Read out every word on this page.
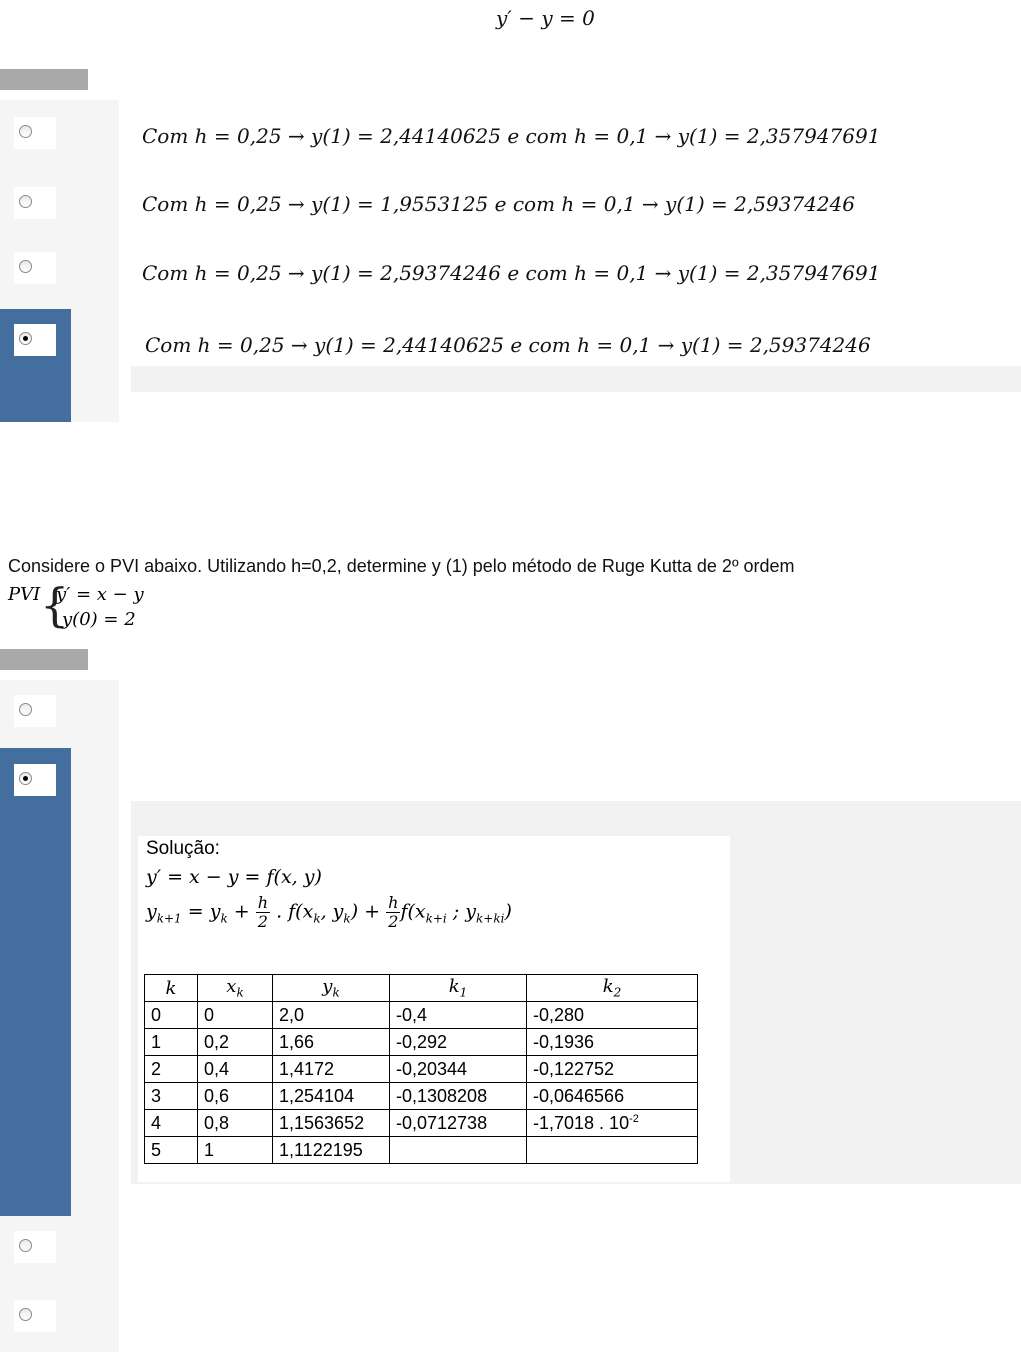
y′ − y = 0
Com h = 0,25 → y(1) = 2,44140625 e com h = 0,1 → y(1) = 2,357947691
Com h = 0,25 → y(1) = 1,9553125 e com h = 0,1 → y(1) = 2,59374246
Com h = 0,25 → y(1) = 2,59374246 e com h = 0,1 → y(1) = 2,357947691
Com h = 0,25 → y(1) = 2,44140625 e com h = 0,1 → y(1) = 2,59374246
Considere o PVI abaixo. Utilizando h=0,2, determine y (1) pelo método de Ruge Kutta de 2º ordem
PVI {
y′ = x − y
y(0) = 2
Solução:
y′ = x − y = f(x, y)
$y_{k+1} = y_k + \frac{h}{2}$ . $f(x_k$, $y_k) + \frac{h}{2} f(x_{k+i}$ ; $y_{k+ki}$)
k	$x_k$	$y_k$	$k_1$	$k_2$
0	0	2,0	-0,4	-0,280
1	0,2	1,66	-0,292	-0,1936
2	0,4	1,4172	-0,20344	-0,122752
3	0,6	1,254104	-0,1308208	-0,0646566
4	0,8	1,1563652	-0,0712738	-1,7018 . $10^{-2}$
5	1	1,1122195		
